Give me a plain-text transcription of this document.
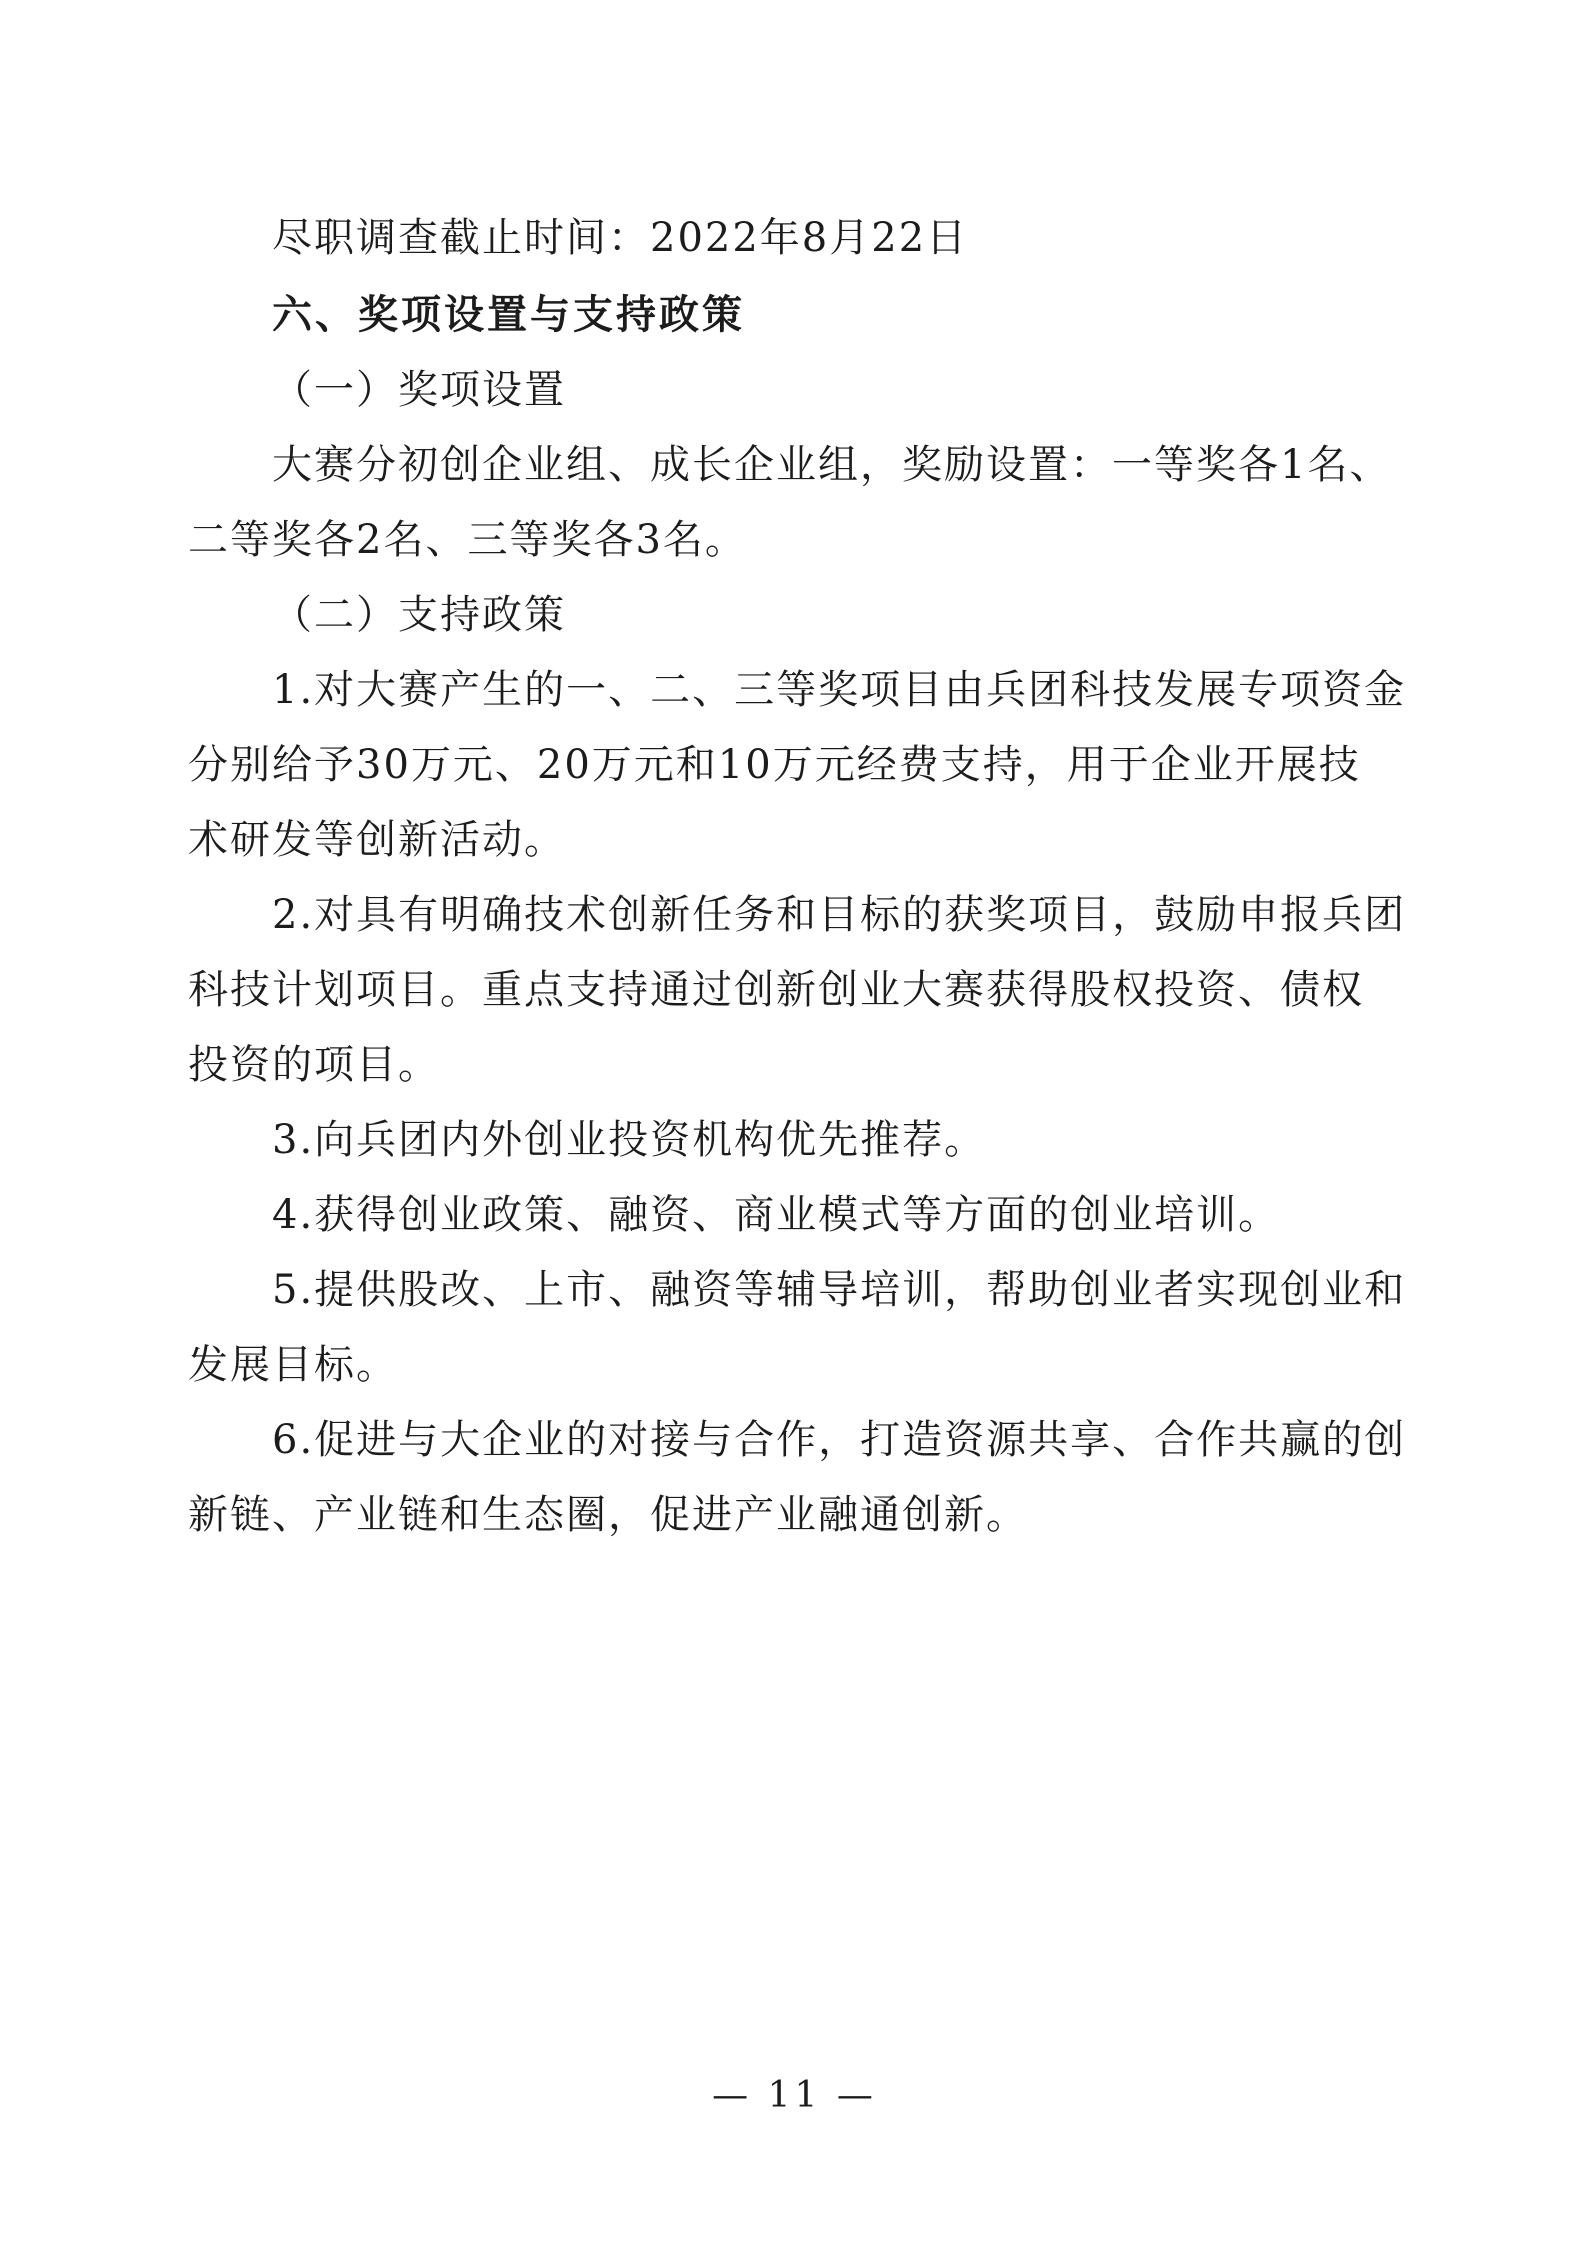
尽职调查截止时间：2022年8月22日

六、奖项设置与支持政策

（一）奖项设置

大赛分初创企业组、成长企业组，奖励设置：一等奖各1名、

二等奖各2名、三等奖各3名。

（二）支持政策

1.对大赛产生的一、二、三等奖项目由兵团科技发展专项资金

分别给予30万元、20万元和10万元经费支持，用于企业开展技

术研发等创新活动。

2.对具有明确技术创新任务和目标的获奖项目，鼓励申报兵团

科技计划项目。重点支持通过创新创业大赛获得股权投资、债权

投资的项目。

3.向兵团内外创业投资机构优先推荐。

4.获得创业政策、融资、商业模式等方面的创业培训。

5.提供股改、上市、融资等辅导培训，帮助创业者实现创业和

发展目标。

6.促进与大企业的对接与合作，打造资源共享、合作共赢的创

新链、产业链和生态圈，促进产业融通创新。

— 11 —
